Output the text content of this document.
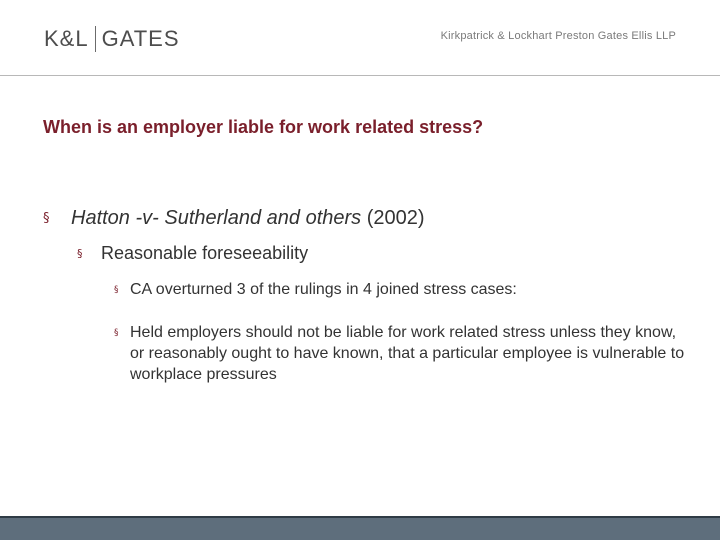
K&L GATES	Kirkpatrick & Lockhart Preston Gates Ellis LLP
When is an employer liable for work related stress?
§ Hatton -v- Sutherland and others (2002)
§ Reasonable foreseeability
§ CA overturned 3 of the rulings in 4 joined stress cases:
§ Held employers should not be liable for work related stress unless they know, or reasonably ought to have known, that a particular employee is vulnerable to workplace pressures
